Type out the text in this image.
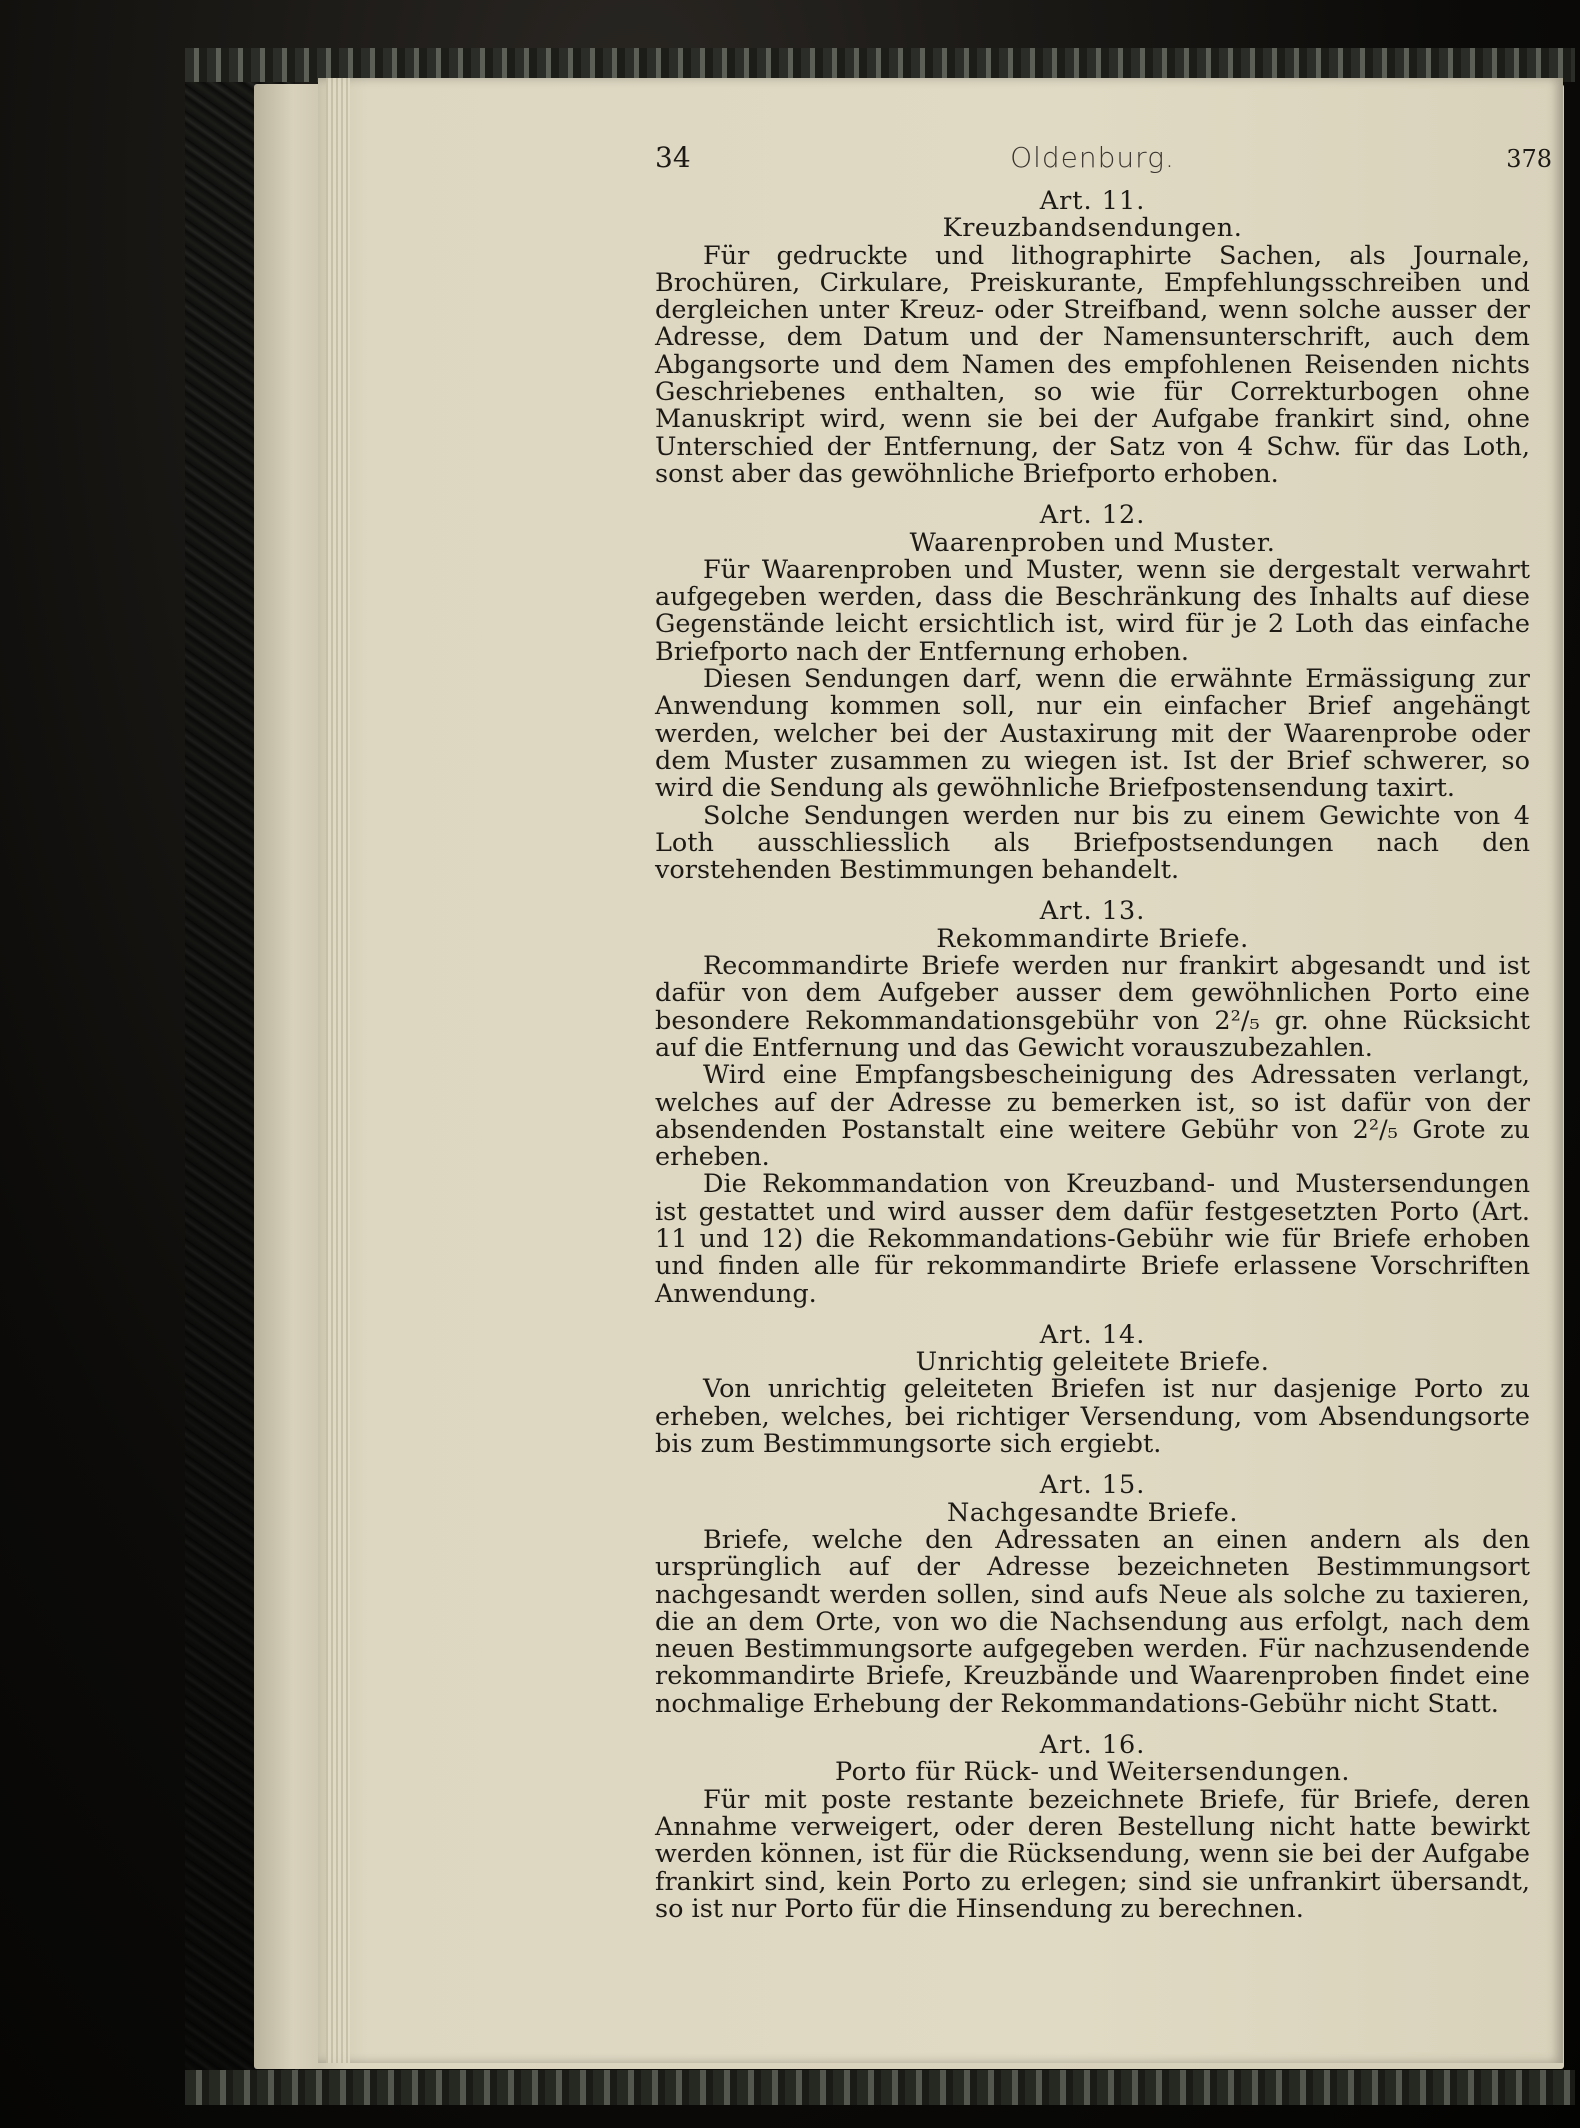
34	Oldenburg.	378
Art. 11.
Kreuzbandsendungen.

Für gedruckte und lithographirte Sachen, als Journale, Brochüren, Cirkulare, Preiskurante, Empfehlungsschreiben und dergleichen unter Kreuz- oder Streifband, wenn solche ausser der Adresse, dem Datum und der Namensunterschrift, auch dem Abgangsorte und dem Namen des empfohlenen Reisenden nichts Geschriebenes enthalten, so wie für Correkturbogen ohne Manuskript wird, wenn sie bei der Aufgabe frankirt sind, ohne Unterschied der Entfernung, der Satz von 4 Schw. für das Loth, sonst aber das gewöhnliche Briefporto erhoben.

Art. 12.
Waarenproben und Muster.

Für Waarenproben und Muster, wenn sie dergestalt verwahrt aufgegeben werden, dass die Beschränkung des Inhalts auf diese Gegenstände leicht ersichtlich ist, wird für je 2 Loth das einfache Briefporto nach der Entfernung erhoben.

Diesen Sendungen darf, wenn die erwähnte Ermässigung zur Anwendung kommen soll, nur ein einfacher Brief angehängt werden, welcher bei der Austaxirung mit der Waarenprobe oder dem Muster zusammen zu wiegen ist. Ist der Brief schwerer, so wird die Sendung als gewöhnliche Briefpostensendung taxirt.

Solche Sendungen werden nur bis zu einem Gewichte von 4 Loth ausschliesslich als Briefpostsendungen nach den vorstehenden Bestimmungen behandelt.

Art. 13.
Rekommandirte Briefe.

Recommandirte Briefe werden nur frankirt abgesandt und ist dafür von dem Aufgeber ausser dem gewöhnlichen Porto eine besondere Rekommandationsgebühr von 2²/₅ gr. ohne Rücksicht auf die Entfernung und das Gewicht vorauszubezahlen.

Wird eine Empfangsbescheinigung des Adressaten verlangt, welches auf der Adresse zu bemerken ist, so ist dafür von der absendenden Postanstalt eine weitere Gebühr von 2²/₅ Grote zu erheben.

Die Rekommandation von Kreuzband- und Mustersendungen ist gestattet und wird ausser dem dafür festgesetzten Porto (Art. 11 und 12) die Rekommandations-Gebühr wie für Briefe erhoben und finden alle für rekommandirte Briefe erlassene Vorschriften Anwendung.

Art. 14.
Unrichtig geleitete Briefe.

Von unrichtig geleiteten Briefen ist nur dasjenige Porto zu erheben, welches, bei richtiger Versendung, vom Absendungsorte bis zum Bestimmungsorte sich ergiebt.

Art. 15.
Nachgesandte Briefe.

Briefe, welche den Adressaten an einen andern als den ursprünglich auf der Adresse bezeichneten Bestimmungsort nachgesandt werden sollen, sind aufs Neue als solche zu taxieren, die an dem Orte, von wo die Nachsendung aus erfolgt, nach dem neuen Bestimmungsorte aufgegeben werden. Für nachzusendende rekommandirte Briefe, Kreuzbände und Waarenproben findet eine nochmalige Erhebung der Rekommandations-Gebühr nicht Statt.

Art. 16.
Porto für Rück- und Weitersendungen.

Für mit poste restante bezeichnete Briefe, für Briefe, deren Annahme verweigert, oder deren Bestellung nicht hatte bewirkt werden können, ist für die Rücksendung, wenn sie bei der Aufgabe frankirt sind, kein Porto zu erlegen; sind sie unfrankirt übersandt, so ist nur Porto für die Hinsendung zu berechnen.
